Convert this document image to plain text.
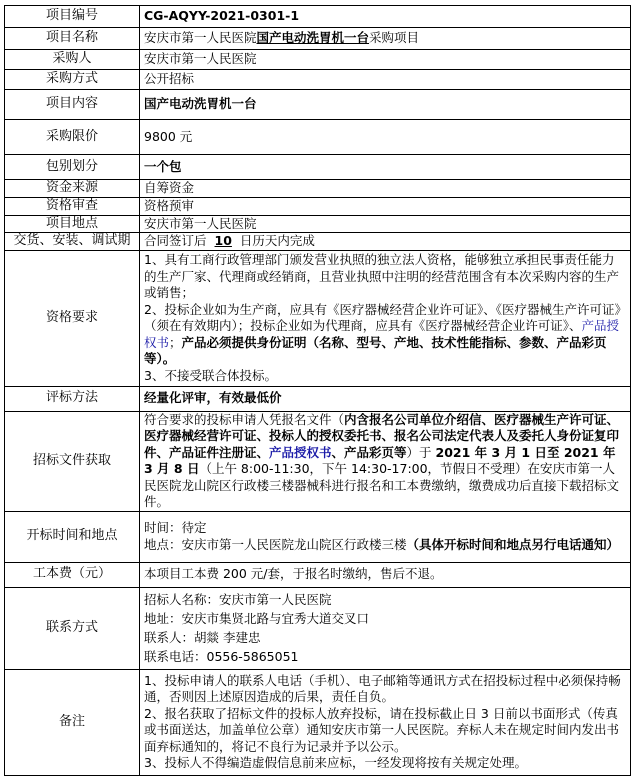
项目编号	CG-AQYY-2021-0301-1
项目名称	安庆市第一人民医院国产电动洗胃机一台采购项目
采购人	安庆市第一人民医院
采购方式	公开招标
项目内容	国产电动洗胃机一台
采购限价	9800 元
包别划分	一个包
资金来源	自筹资金
资格审查	资格预审
项目地点	安庆市第一人民医院
交货、安装、调试期	合同签订后 10 日历天内完成
资格要求	1、具有工商行政管理部门颁发营业执照的独立法人资格，能够独立承担民事责任能力的生产厂家、代理商或经销商，且营业执照中注明的经营范围含有本次采购内容的生产或销售；
2、投标企业如为生产商，应具有《医疗器械经营企业许可证》、《医疗器械生产许可证》（须在有效期内）；投标企业如为代理商，应具有《医疗器械经营企业许可证》、产品授权书；产品必须提供身份证明（名称、型号、产地、技术性能指标、参数、产品彩页等）。
3、不接受联合体投标。

评标方法	经量化评审，有效最低价
招标文件获取	符合要求的投标申请人凭报名文件（内含报名公司单位介绍信、医疗器械生产许可证、医疗器械经营许可证、投标人的授权委托书、报名公司法定代表人及委托人身份证复印件、产品证件注册证、产品授权书、产品彩页等）于 2021 年 3 月 1 日至 2021 年 3 月 8 日（上午 8:00-11:30，下午 14:30-17:00，节假日不受理）在安庆市第一人民医院龙山院区行政楼三楼器械科进行报名和工本费缴纳，缴费成功后直接下载招标文件。
开标时间和地点	时间：待定
地点：安庆市第一人民医院龙山院区行政楼三楼（具体开标时间和地点另行电话通知）

工本费（元）	本项目工本费 200 元/套，于报名时缴纳，售后不退。
联系方式	招标人名称：安庆市第一人民医院
地址：安庆市集贤北路与宜秀大道交叉口
联系人：胡燚 李建忠
联系电话：0556-5865051

备注	1、投标申请人的联系人电话（手机）、电子邮箱等通讯方式在招投标过程中必须保持畅通，否则因上述原因造成的后果，责任自负。
2、报名获取了招标文件的投标人放弃投标，请在投标截止日 3 日前以书面形式（传真或书面送达，加盖单位公章）通知安庆市第一人民医院。弃标人未在规定时间内发出书面弃标通知的，将记不良行为记录并予以公示。
3、投标人不得编造虚假信息前来应标，一经发现将按有关规定处理。
